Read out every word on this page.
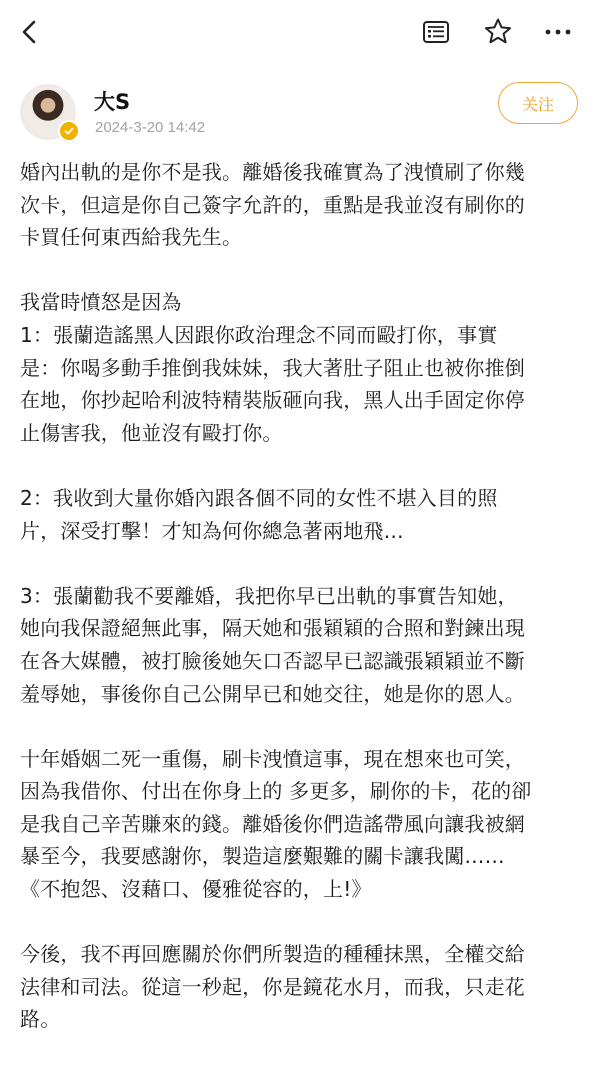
大S
2024-3-20 14:42
关注
婚內出軌的是你不是我。離婚後我確實為了洩憤刷了你幾
次卡，但這是你自己簽字允許的，重點是我並沒有刷你的
卡買任何東西給我先生。
我當時憤怒是因為
1：張蘭造謠黑人因跟你政治理念不同而毆打你，事實
是：你喝多動手推倒我妹妹，我大著肚子阻止也被你推倒
在地，你抄起哈利波特精裝版砸向我，黑人出手固定你停
止傷害我，他並沒有毆打你。
2：我收到大量你婚內跟各個不同的女性不堪入目的照
片，深受打擊！才知為何你總急著兩地飛…
3：張蘭勸我不要離婚，我把你早已出軌的事實告知她，
她向我保證絕無此事，隔天她和張穎穎的合照和對鍊出現
在各大媒體，被打臉後她矢口否認早已認識張穎穎並不斷
羞辱她，事後你自己公開早已和她交往，她是你的恩人。
十年婚姻二死一重傷，刷卡洩憤這事，現在想來也可笑，
因為我借你、付出在你身上的 多更多，刷你的卡，花的卻
是我自己辛苦賺來的錢。離婚後你們造謠帶風向讓我被網
暴至今，我要感謝你，製造這麼艱難的關卡讓我闖……
《不抱怨、沒藉口、優雅從容的，上!》
今後，我不再回應關於你們所製造的種種抹黑，全權交給
法律和司法。從這一秒起，你是鏡花水月，而我，只走花
路。
